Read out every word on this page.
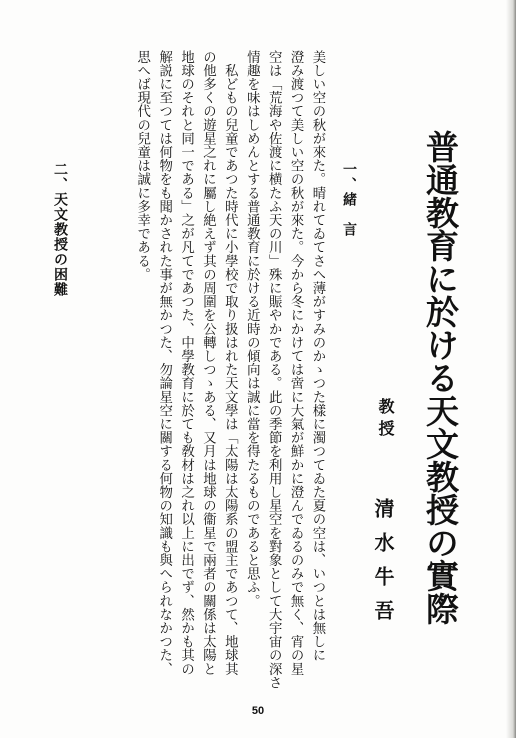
普通教育に於ける天文教授の實際
教授
清水牛吾
一、緒　言

美しい空の秋が來た。晴れてゐてさへ薄がすみのかゝつた樣に濁つてゐた夏の空は、いつとは無しに

澄み渡つて美しい空の秋が來た。今から冬にかけては啻に大氣が鮮かに澄んでゐるのみで無く、宵の星

空は「荒海や佐渡に横たふ天の川」殊に賑やかである。此の季節を利用し星空を對象として大宇宙の深さ

情趣を味はしめんとする普通教育に於ける近時の傾向は誠に當を得たるものであると思ふ。

　私どもの兒童であつた時代に小學校で取り扱はれた天文學は「太陽は太陽系の盟主であつて、地球其

の他多くの遊星之れに屬し絶えず其の周圍を公轉しつゝある、又月は地球の衞星で兩者の關係は太陽と

地球のそれと同一である」之が凡てであつた、中學教育に於ても敎材は之れ以上に出でず、然かも其の

解説に至つては何物をも聞かされた事が無かつた、勿論星空に關する何物の知識も與へられなかつた、

思へば現代の兒童は誠に多幸である。

二、天文教授の困難
50
